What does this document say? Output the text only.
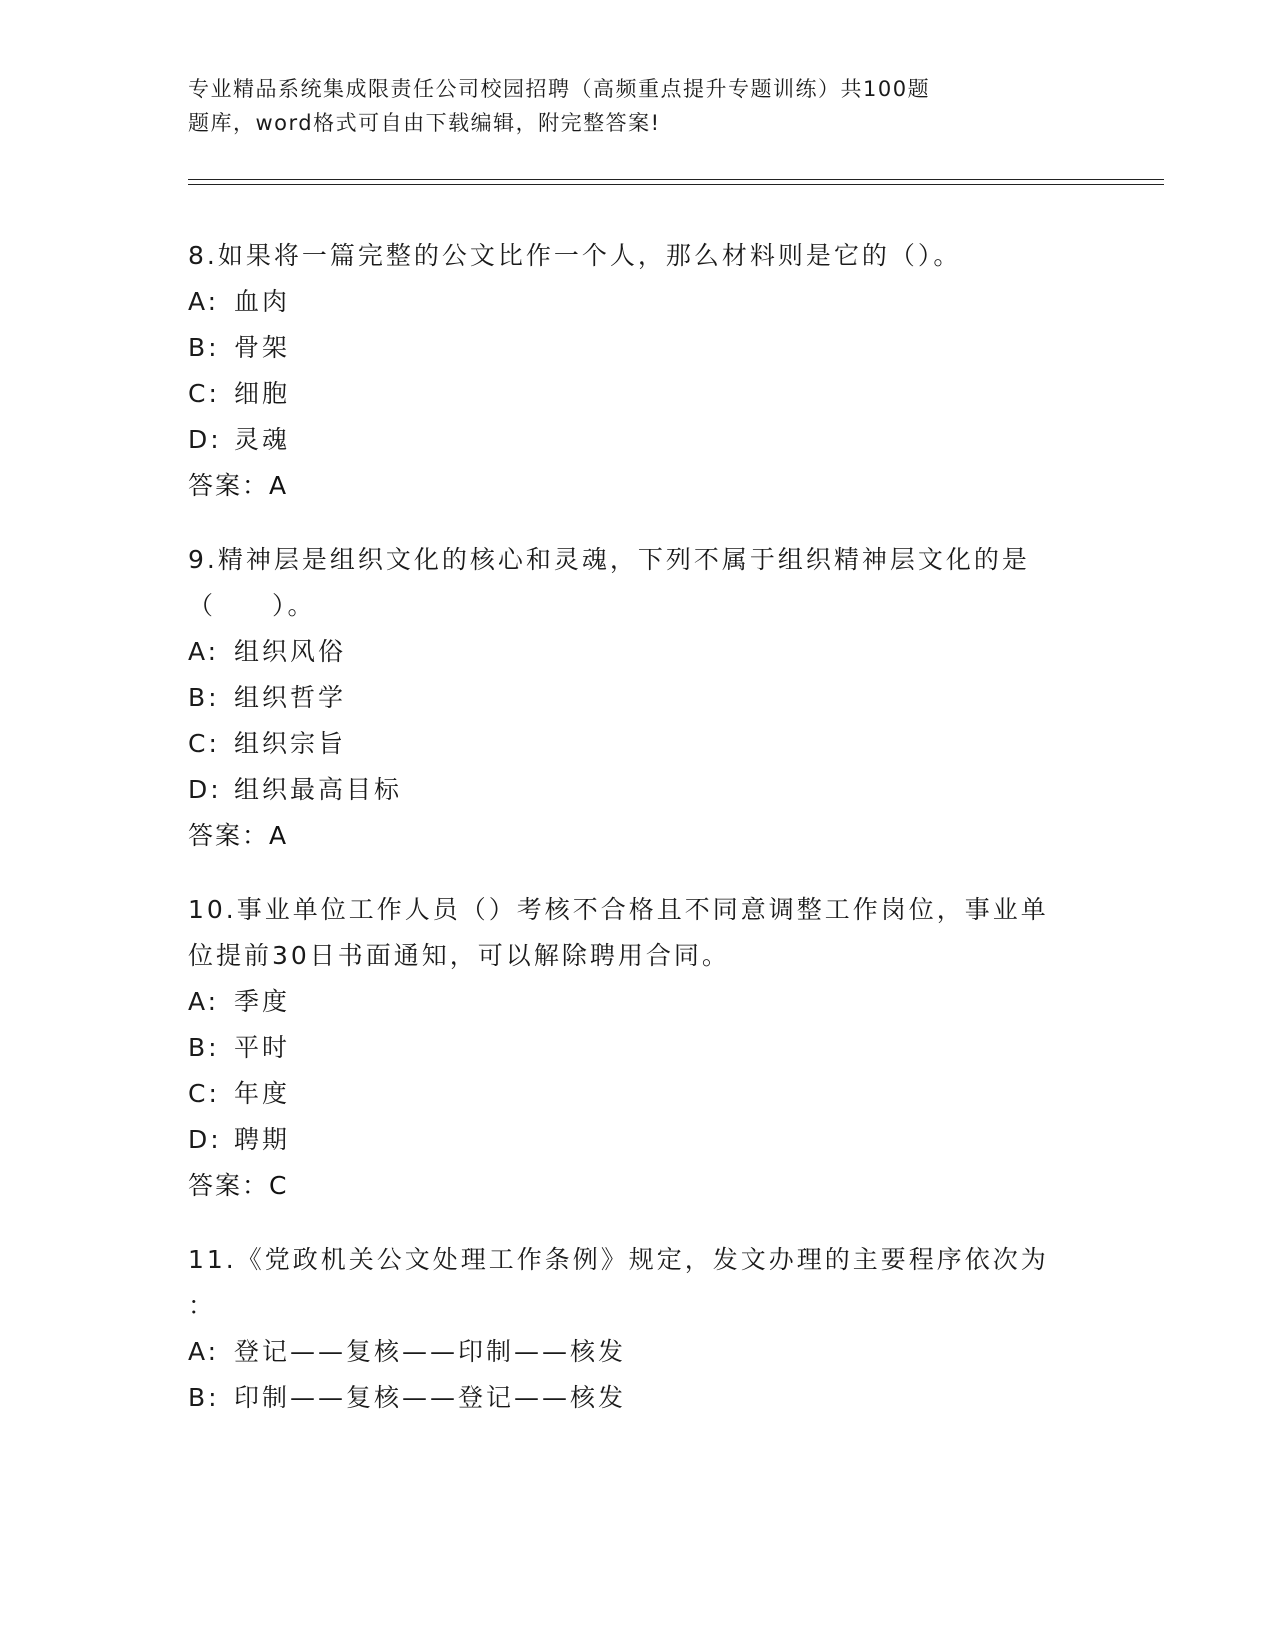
专业精品系统集成限责任公司校园招聘（高频重点提升专题训练）共100题
题库，word格式可自由下载编辑，附完整答案!

8.如果将一篇完整的公文比作一个人，那么材料则是它的（）。

A: 血肉

B: 骨架

C: 细胞

D: 灵魂

答案：A

9.精神层是组织文化的核心和灵魂，下列不属于组织精神层文化的是

（　　）。

A: 组织风俗

B: 组织哲学

C: 组织宗旨

D: 组织最高目标

答案：A

10.事业单位工作人员（）考核不合格且不同意调整工作岗位，事业单

位提前30日书面通知，可以解除聘用合同。

A: 季度

B: 平时

C: 年度

D: 聘期

答案：C

11.《党政机关公文处理工作条例》规定，发文办理的主要程序依次为

：

A: 登记——复核——印制——核发

B: 印制——复核——登记——核发
